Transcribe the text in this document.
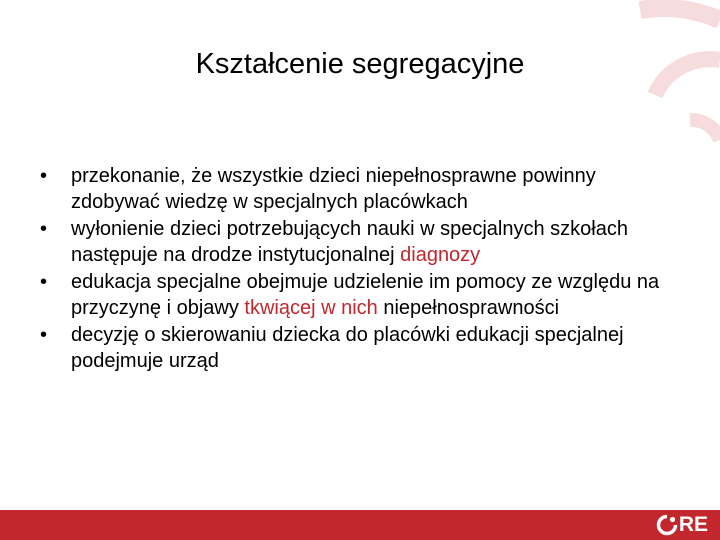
Kształcenie segregacyjne
•	przekonanie, że wszystkie dzieci niepełnosprawne powinny zdobywać wiedzę w specjalnych placówkach
•	wyłonienie dzieci potrzebujących nauki w specjalnych szkołach następuje na drodze instytucjonalnej diagnozy
•	edukacja specjalne obejmuje udzielenie im pomocy ze względu na przyczynę i objawy tkwiącej w nich niepełnosprawności
•	decyzję o skierowaniu dziecka do placówki edukacji specjalnej podejmuje urząd
RE
